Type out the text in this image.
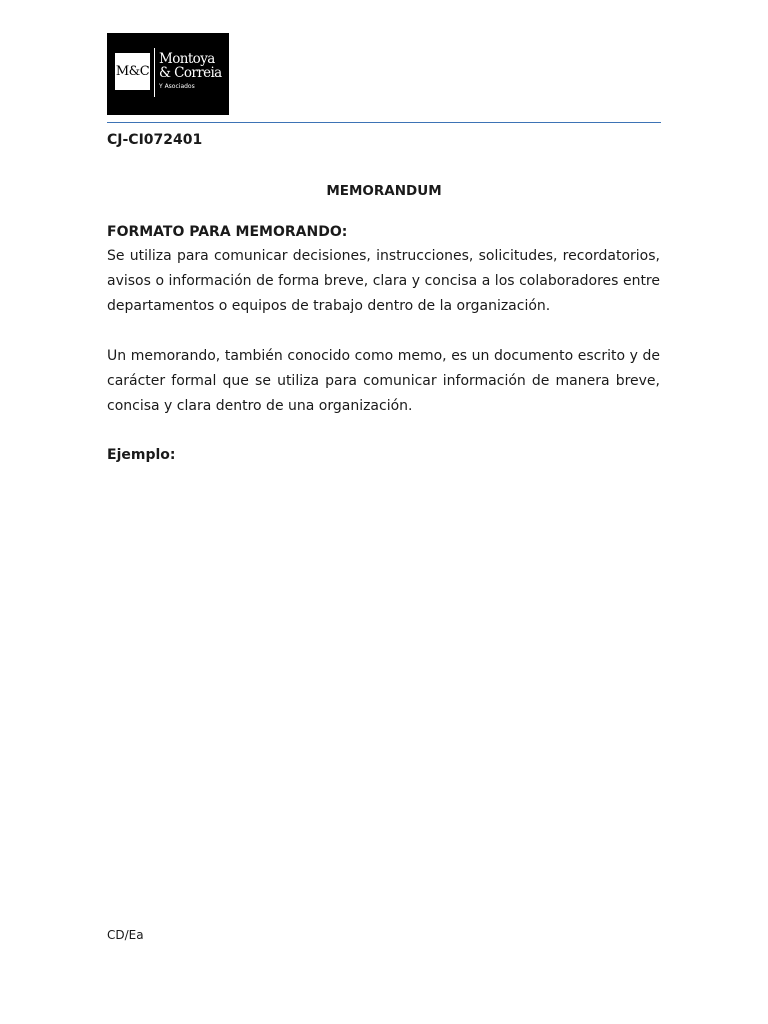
M&C
Montoya
& Correia
Y Asociados
CJ-CI072401
MEMORANDUM
FORMATO PARA MEMORANDO:

Se utiliza para comunicar decisiones, instrucciones, solicitudes, recordatorios, avisos o información de forma breve, clara y concisa a los colaboradores entre departamentos o equipos de trabajo dentro de la organización.

Un memorando, también conocido como memo, es un documento escrito y de carácter formal que se utiliza para comunicar información de manera breve, concisa y clara dentro de una organización.

Ejemplo:
CD/Ea
